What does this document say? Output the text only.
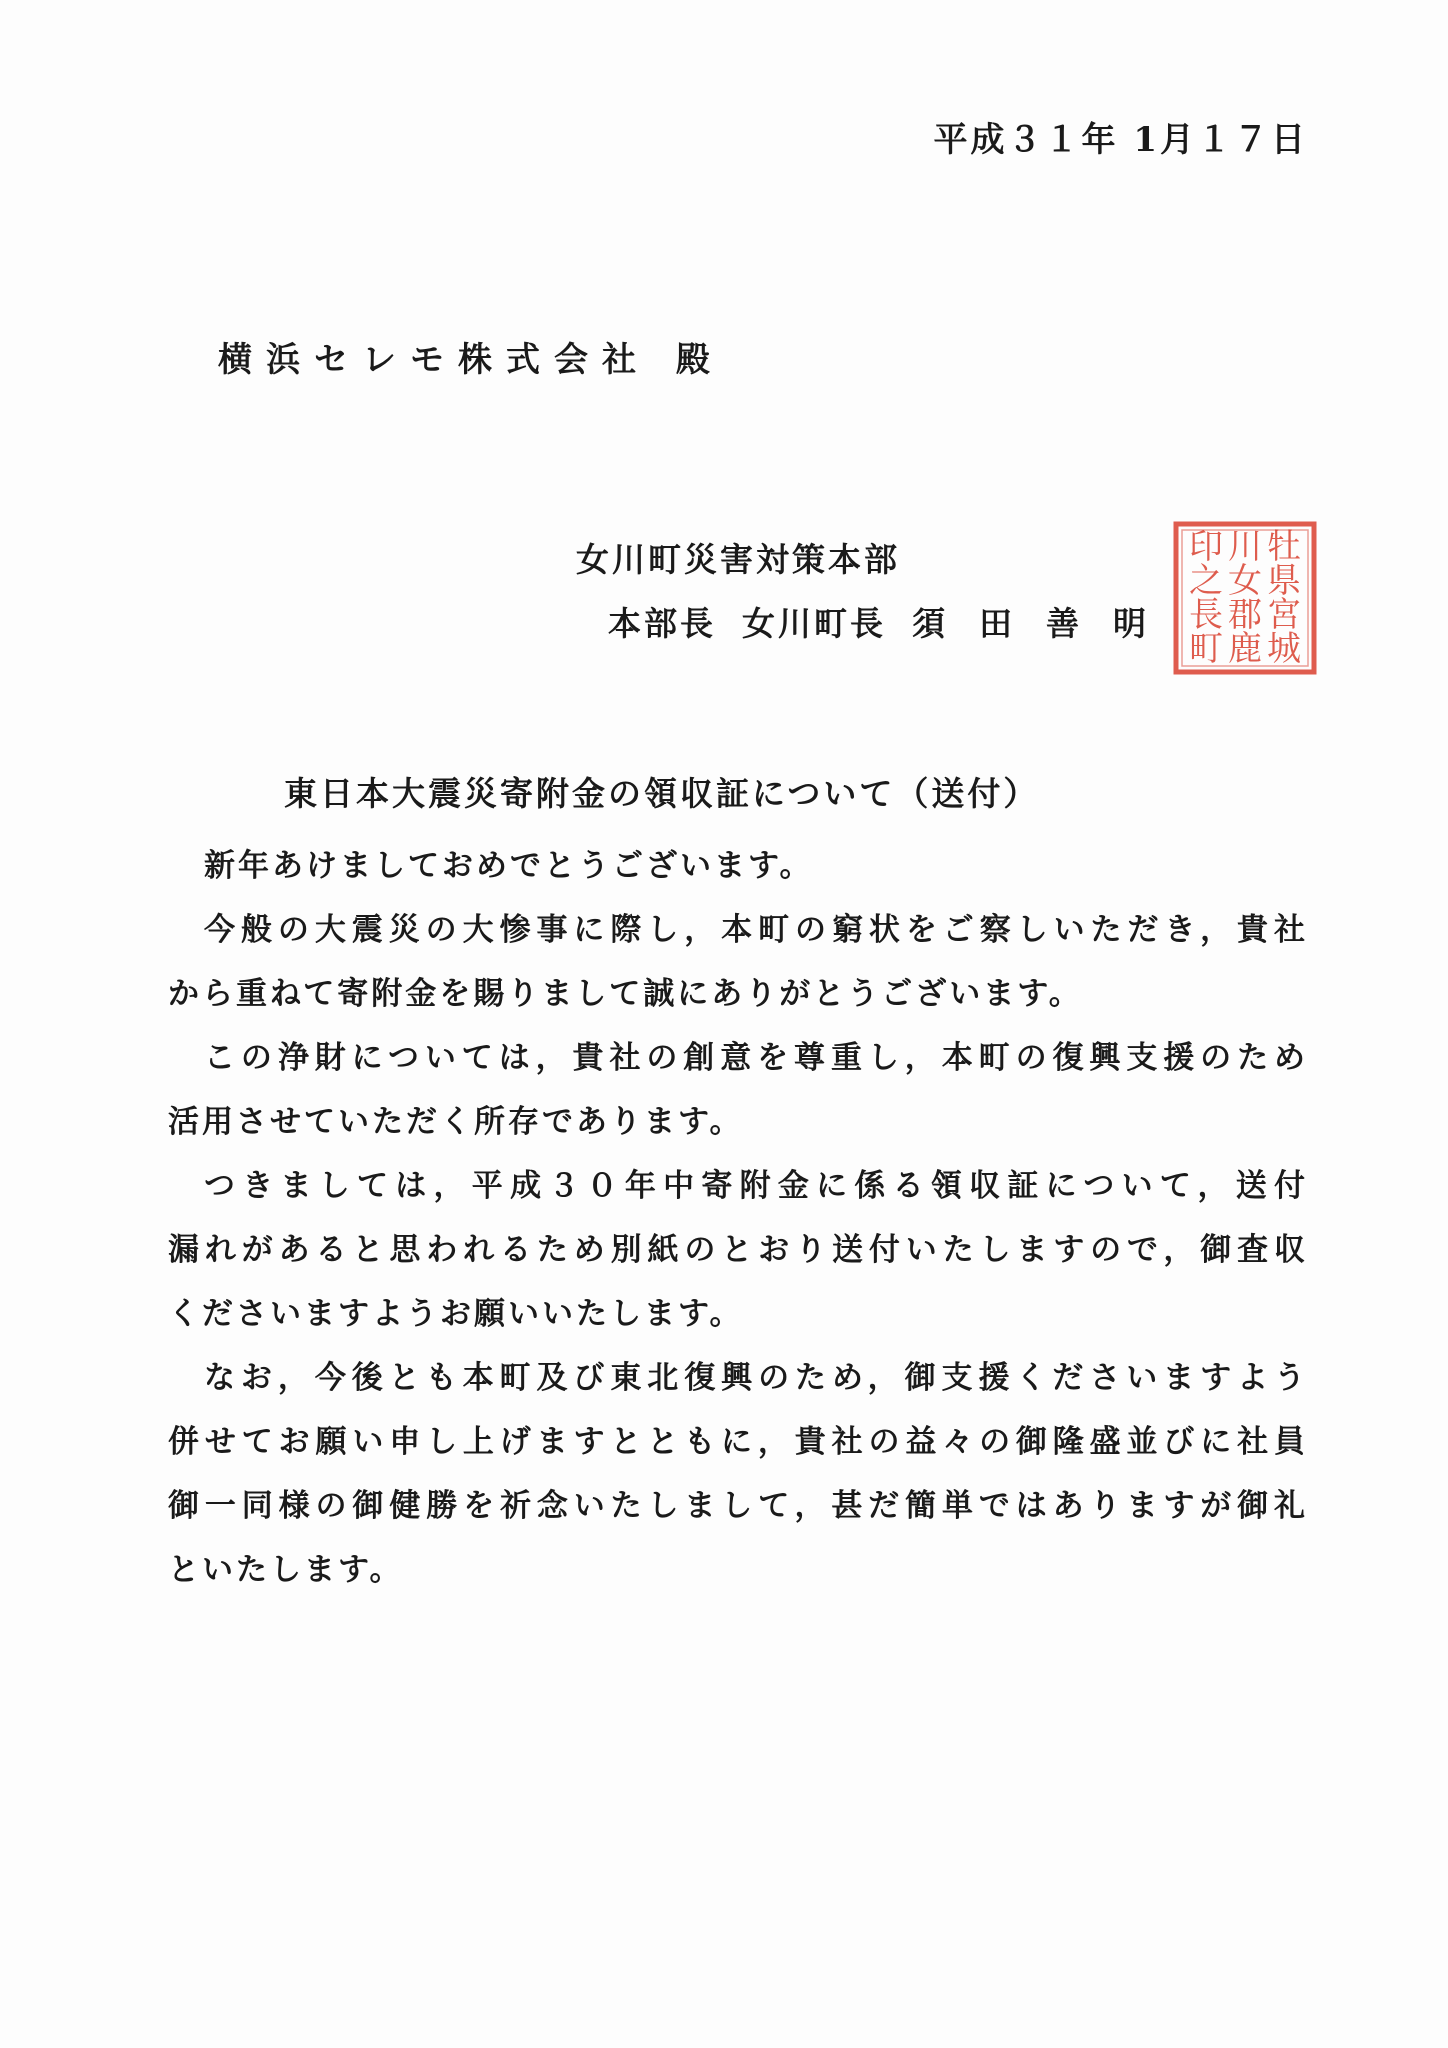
平成３１年 1月１７日
横浜セレモ株式会社 殿
女川町災害対策本部
本部長 女川町長 須田善明
牡
川
印
県
女
之
宮
郡
長
城
鹿
町
東日本大震災寄附金の領収証について（送付）
新年あけましておめでとうございます。
今般の大震災の大惨事に際し，本町の窮状をご察しいただき，貴社
から重ねて寄附金を賜りまして誠にありがとうございます。
この浄財については，貴社の創意を尊重し，本町の復興支援のため
活用させていただく所存であります。
つきましては，平成３０年中寄附金に係る領収証について，送付
漏れがあると思われるため別紙のとおり送付いたしますので，御査収
くださいますようお願いいたします。
なお，今後とも本町及び東北復興のため，御支援くださいますよう
併せてお願い申し上げますとともに，貴社の益々の御隆盛並びに社員
御一同様の御健勝を祈念いたしまして，甚だ簡単ではありますが御礼
といたします。
